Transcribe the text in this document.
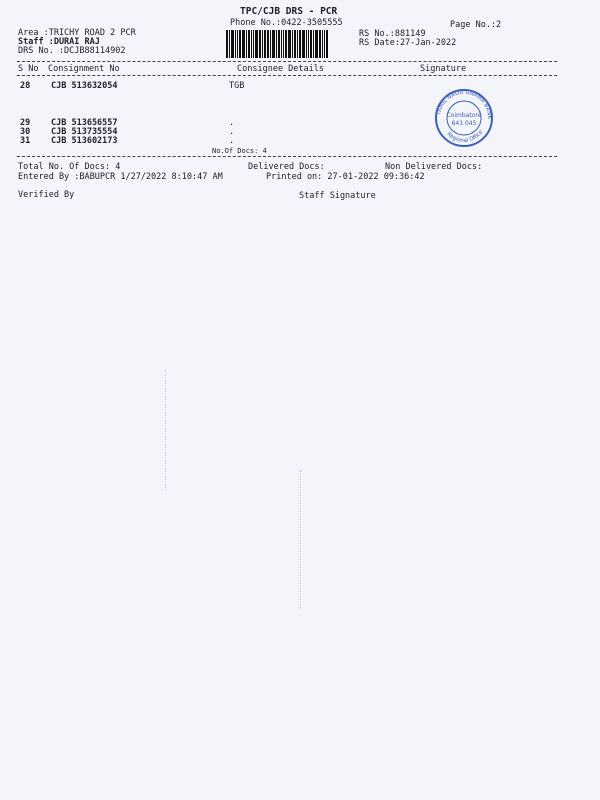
TPC/CJB DRS - PCR
Phone No.:0422-3505555	Page No.:2
Area :TRICHY ROAD 2 PCR
Staff :DURAI RAJ
DRS No. :DCJB88114902
RS No.:881149
RS Date:27-Jan-2022
S No Consignment No	Consignee Details	Signature
28 CJB 513632054	TGB
29 CJB 513656557	.
30 CJB 513735554	.
31 CJB 513602173	.
No.Of Docs: 4
TAMIL NADU GRAMA BANK
Regional Office
Coimbatore
641 045
Total No. Of Docs: 4	Delivered Docs:	Non Delivered Docs:
Entered By :BABUPCR 1/27/2022 8:10:47 AM	Printed on: 27-01-2022 09:36:42
Verified By	Staff Signature
